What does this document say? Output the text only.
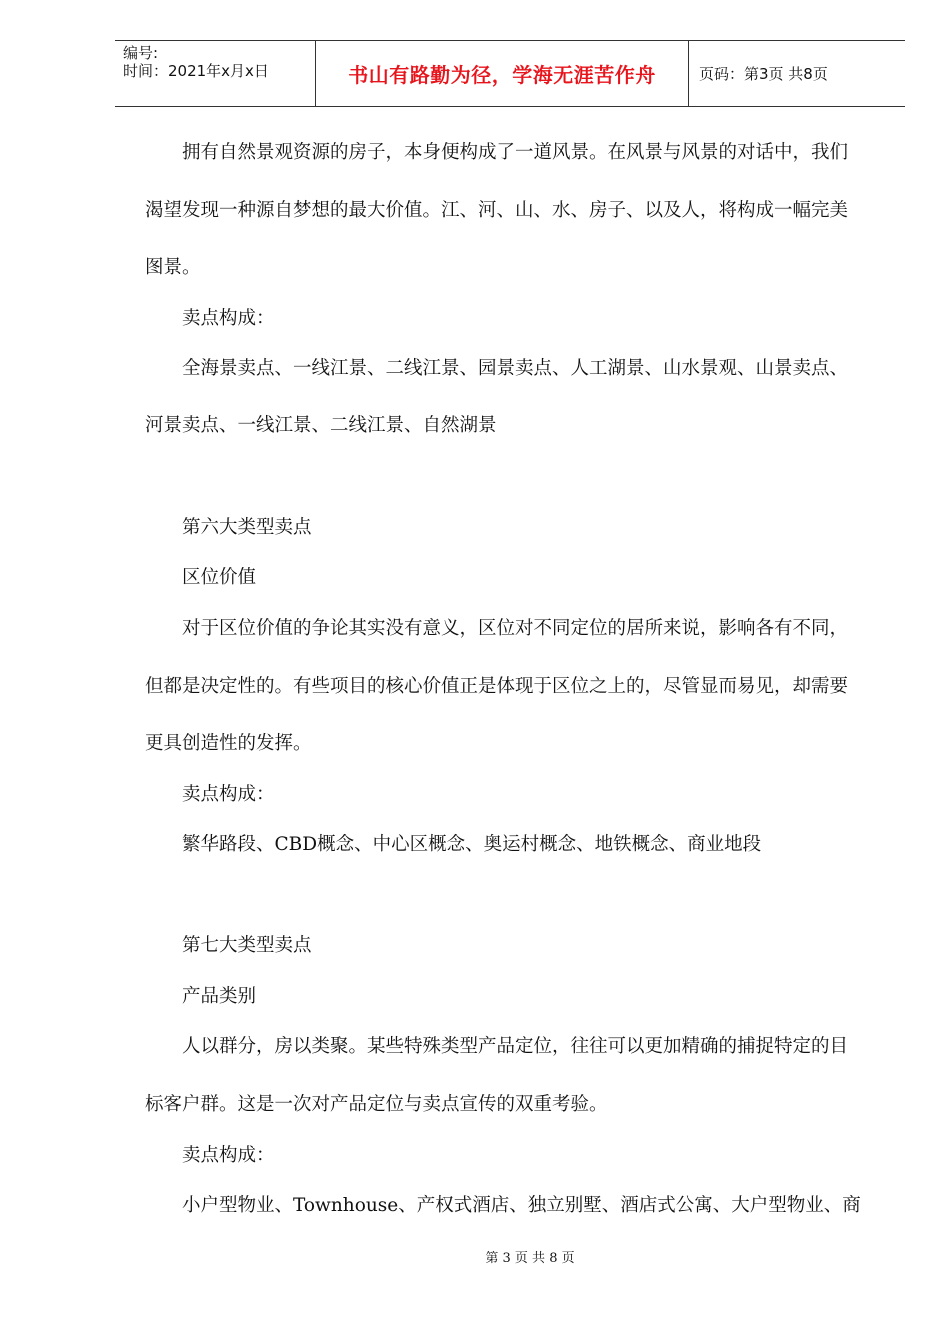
编号:
时间：2021年x月x日	书山有路勤为径，学海无涯苦作舟	页码：第3页 共8页
拥有自然景观资源的房子，本身便构成了一道风景。在风景与风景的对话中，我们
渴望发现一种源自梦想的最大价值。江、河、山、水、房子、以及人，将构成一幅完美
图景。
卖点构成：
全海景卖点、一线江景、二线江景、园景卖点、人工湖景、山水景观、山景卖点、
河景卖点、一线江景、二线江景、自然湖景
第六大类型卖点
区位价值
对于区位价值的争论其实没有意义，区位对不同定位的居所来说，影响各有不同，
但都是决定性的。有些项目的核心价值正是体现于区位之上的，尽管显而易见，却需要
更具创造性的发挥。
卖点构成：
繁华路段、CBD概念、中心区概念、奥运村概念、地铁概念、商业地段
第七大类型卖点
产品类别
人以群分，房以类聚。某些特殊类型产品定位，往往可以更加精确的捕捉特定的目
标客户群。这是一次对产品定位与卖点宣传的双重考验。
卖点构成：
小户型物业、Townhouse、产权式酒店、独立别墅、酒店式公寓、大户型物业、商
第 3 页 共 8 页
